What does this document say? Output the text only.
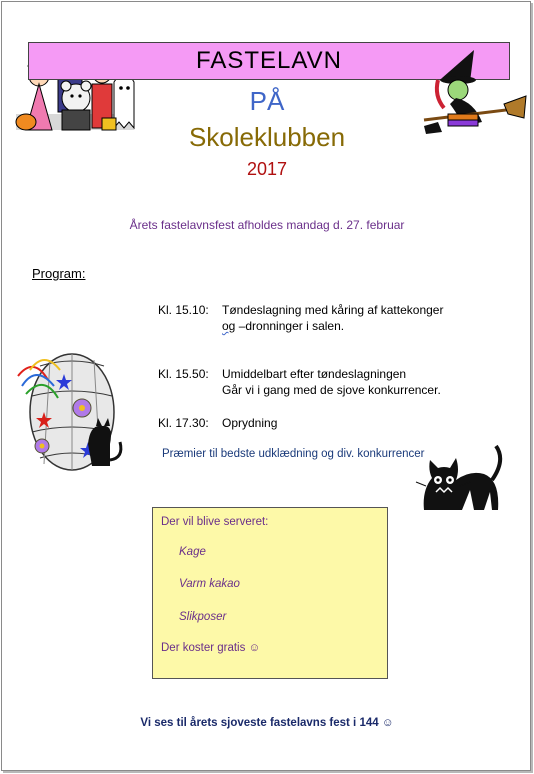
FASTELAVN
PÅ
Skoleklubben
2017
Årets fastelavnsfest afholdes mandag d. 27. februar
Program:
Kl. 15.10: Tøndeslagning med kåring af kattekonger
og –dronninger i salen.
Kl. 15.50: Umiddelbart efter tøndeslagningen
Går vi i gang med de sjove konkurrencer.
Kl. 17.30: Oprydning
Præmier til bedste udklædning og div. konkurrencer
Der vil blive serveret:
Kage
Varm kakao
Slikposer
Der koster gratis ☺
Vi ses til årets sjoveste fastelavns fest i 144 ☺
